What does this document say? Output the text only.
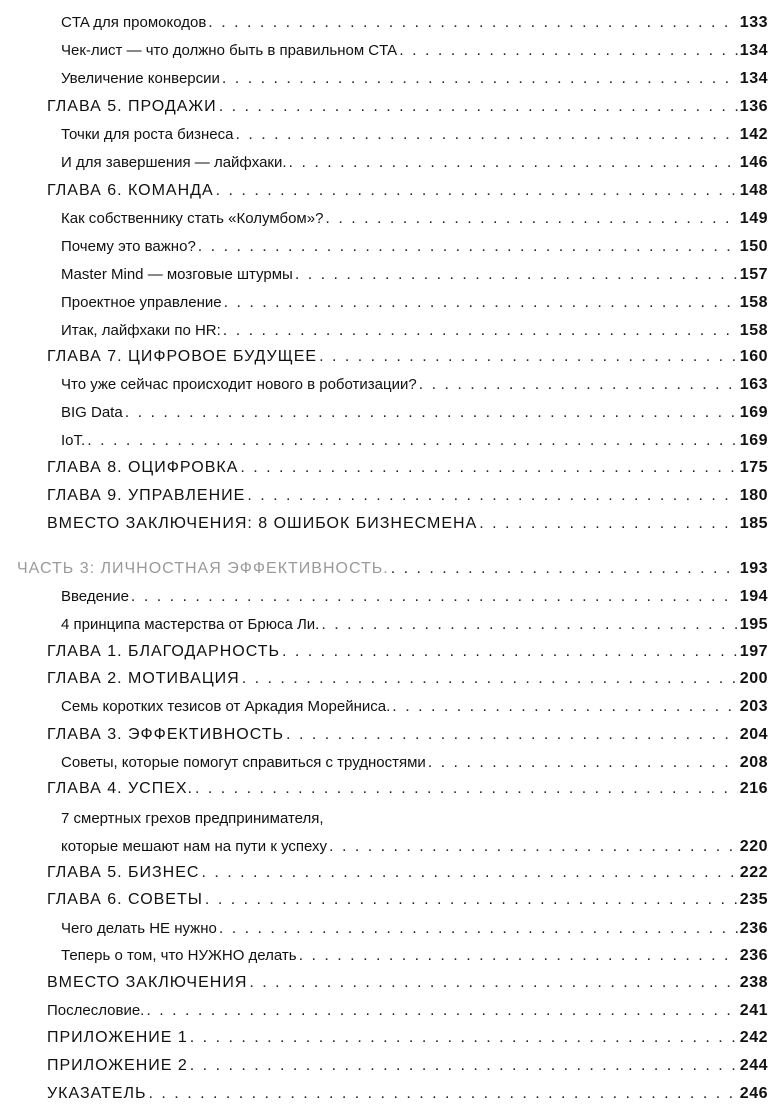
CTA для промокодов . . .	133
Чек-лист — что должно быть в правильном CTA . . .	134
Увеличение конверсии . . .	134
ГЛАВА 5. ПРОДАЖИ . . .	136
Точки для роста бизнеса . . .	142
И для завершения — лайфхаки. . . .	146
ГЛАВА 6. КОМАНДА . . .	148
Как собственнику стать «Колумбом»? . . .	149
Почему это важно? . . .	150
Master Mind — мозговые штурмы . . .	157
Проектное управление . . .	158
Итак, лайфхаки по HR: . . .	158
ГЛАВА 7. ЦИФРОВОЕ БУДУЩЕЕ . . .	160
Что уже сейчас происходит нового в роботизации? . . .	163
BIG Data . . .	169
IoT. . . .	169
ГЛАВА 8. ОЦИФРОВКА . . .	175
ГЛАВА 9. УПРАВЛЕНИЕ . . .	180
ВМЕСТО ЗАКЛЮЧЕНИЯ: 8 ОШИБОК БИЗНЕСМЕНА . . .	185
ЧАСТЬ 3: ЛИЧНОСТНАЯ ЭФФЕКТИВНОСТЬ. . . .	193
Введение . . .	194
4 принципа мастерства от Брюса Ли. . . .	195
ГЛАВА 1. БЛАГОДАРНОСТЬ . . .	197
ГЛАВА 2. МОТИВАЦИЯ . . .	200
Семь коротких тезисов от Аркадия Морейниса. . . .	203
ГЛАВА 3. ЭФФЕКТИВНОСТЬ . . .	204
Советы, которые помогут справиться с трудностями . . .	208
ГЛАВА 4. УСПЕХ. . . .	216
7 смертных грехов предпринимателя,
которые мешают нам на пути к успеху . . .	220
ГЛАВА 5. БИЗНЕС . . .	222
ГЛАВА 6. СОВЕТЫ . . .	235
Чего делать НЕ нужно . . .	236
Теперь о том, что НУЖНО делать . . .	236
ВМЕСТО ЗАКЛЮЧЕНИЯ . . .	238
Послесловие. . . .	241
ПРИЛОЖЕНИЕ 1 . . .	242
ПРИЛОЖЕНИЕ 2 . . .	244
УКАЗАТЕЛЬ . . .	246
